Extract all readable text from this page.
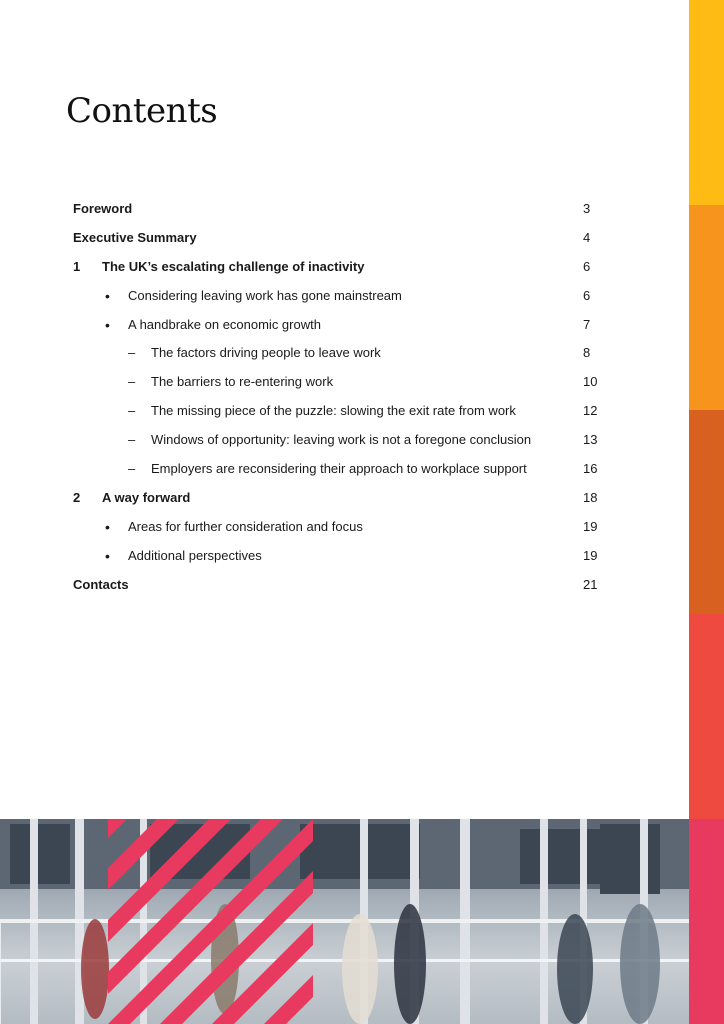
Contents
Foreword	3
Executive Summary	4
1 The UK’s escalating challenge of inactivity	6
• Considering leaving work has gone mainstream	6
• A handbrake on economic growth	7
– The factors driving people to leave work	8
– The barriers to re-entering work	10
– The missing piece of the puzzle: slowing the exit rate from work	12
– Windows of opportunity: leaving work is not a foregone conclusion	13
– Employers are reconsidering their approach to workplace support	16
2 A way forward	18
• Areas for further consideration and focus	19
• Additional perspectives	19
Contacts	21
